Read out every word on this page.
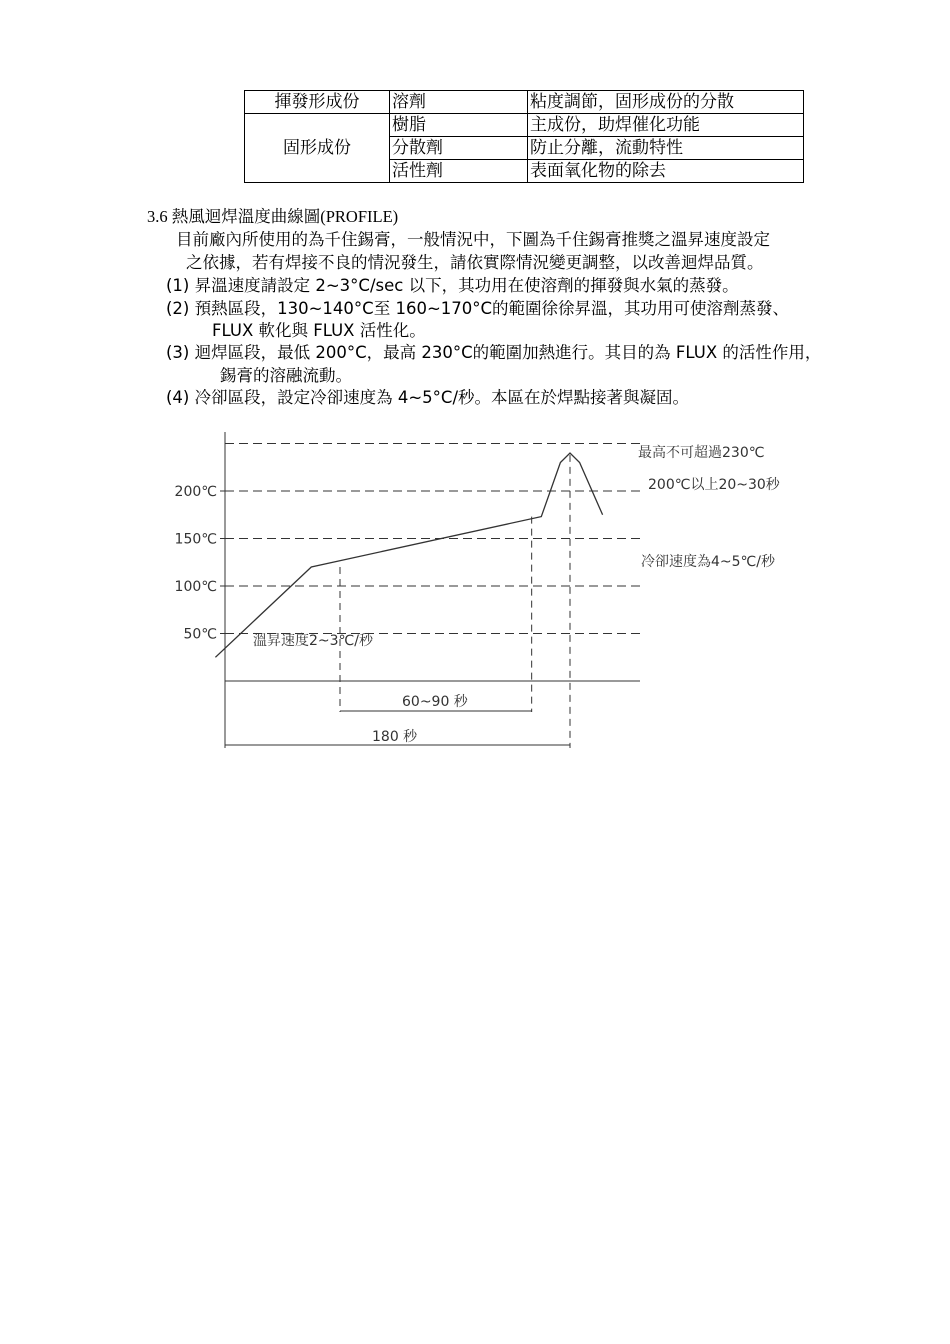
揮發形成份	溶劑	粘度調節，固形成份的分散
固形成份	樹脂	主成份，助焊催化功能
	分散劑	防止分離，流動特性
	活性劑	表面氧化物的除去
3.6 熱風迴焊溫度曲線圖(PROFILE)
目前廠內所使用的為千住錫膏，一般情況中，下圖為千住錫膏推獎之溫昇速度設定
之依據，若有焊接不良的情況發生，請依實際情況變更調整，以改善迴焊品質。
(1) 昇溫速度請設定 2~3°C/sec 以下，其功用在使溶劑的揮發與水氣的蒸發。
(2) 預熱區段，130~140°C至 160~170°C的範圍徐徐昇溫，其功用可使溶劑蒸發、
FLUX 軟化與 FLUX 活性化。
(3) 迴焊區段，最低 200°C，最高 230°C的範圍加熱進行。其目的為 FLUX 的活性作用，
錫膏的溶融流動。
(4) 冷卻區段，設定冷卻速度為 4~5°C/秒。本區在於焊點接著與凝固。
200℃
150℃
100℃
50℃
最高不可超過230℃
200℃以上20~30秒
冷卻速度為4~5℃/秒
溫昇速度2~3℃/秒
60~90 秒
180 秒
